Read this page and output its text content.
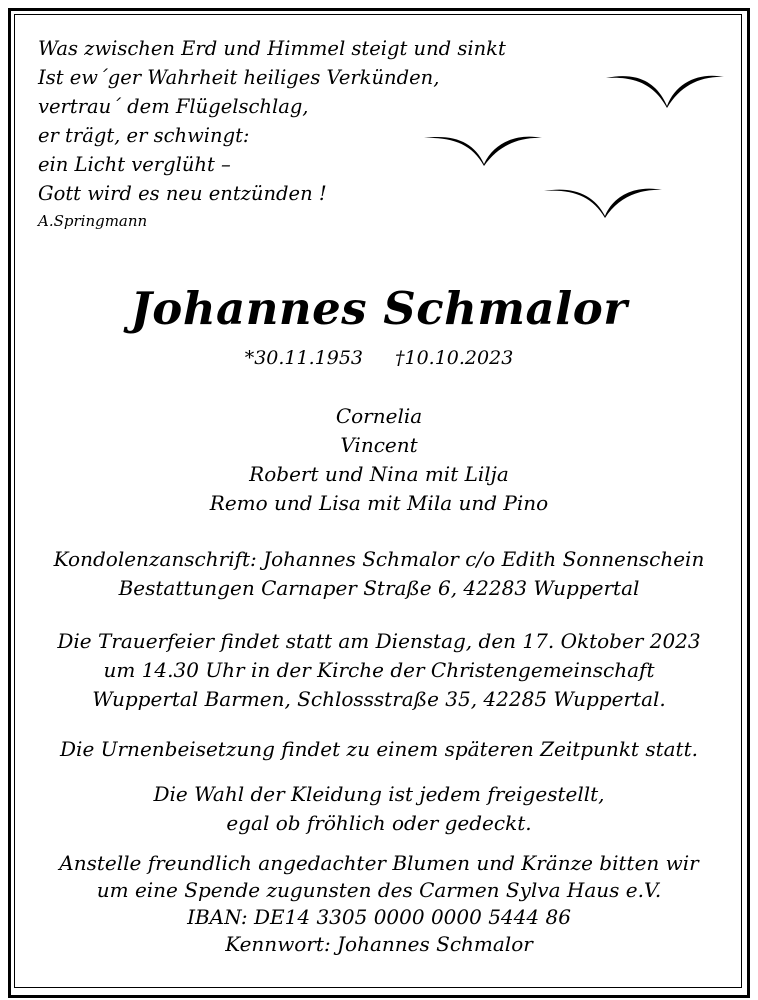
Was zwischen Erd und Himmel steigt und sinkt
Ist ew´ger Wahrheit heiliges Verkünden,
vertrau´ dem Flügelschlag,
er trägt, er schwingt:
ein Licht verglüht –
Gott wird es neu entzünden !
A.Springmann
Johannes Schmalor
*30.11.1953 †10.10.2023
Cornelia
Vincent
Robert und Nina mit Lilja
Remo und Lisa mit Mila und Pino
Kondolenzanschrift: Johannes Schmalor c/o Edith Sonnenschein
Bestattungen Carnaper Straße 6, 42283 Wuppertal
Die Trauerfeier findet statt am Dienstag, den 17. Oktober 2023
um 14.30 Uhr in der Kirche der Christengemeinschaft
Wuppertal Barmen, Schlossstraße 35, 42285 Wuppertal.
Die Urnenbeisetzung findet zu einem späteren Zeitpunkt statt.
Die Wahl der Kleidung ist jedem freigestellt,
egal ob fröhlich oder gedeckt.
Anstelle freundlich angedachter Blumen und Kränze bitten wir
um eine Spende zugunsten des Carmen Sylva Haus e.V.
IBAN: DE14 3305 0000 0000 5444 86
Kennwort: Johannes Schmalor
